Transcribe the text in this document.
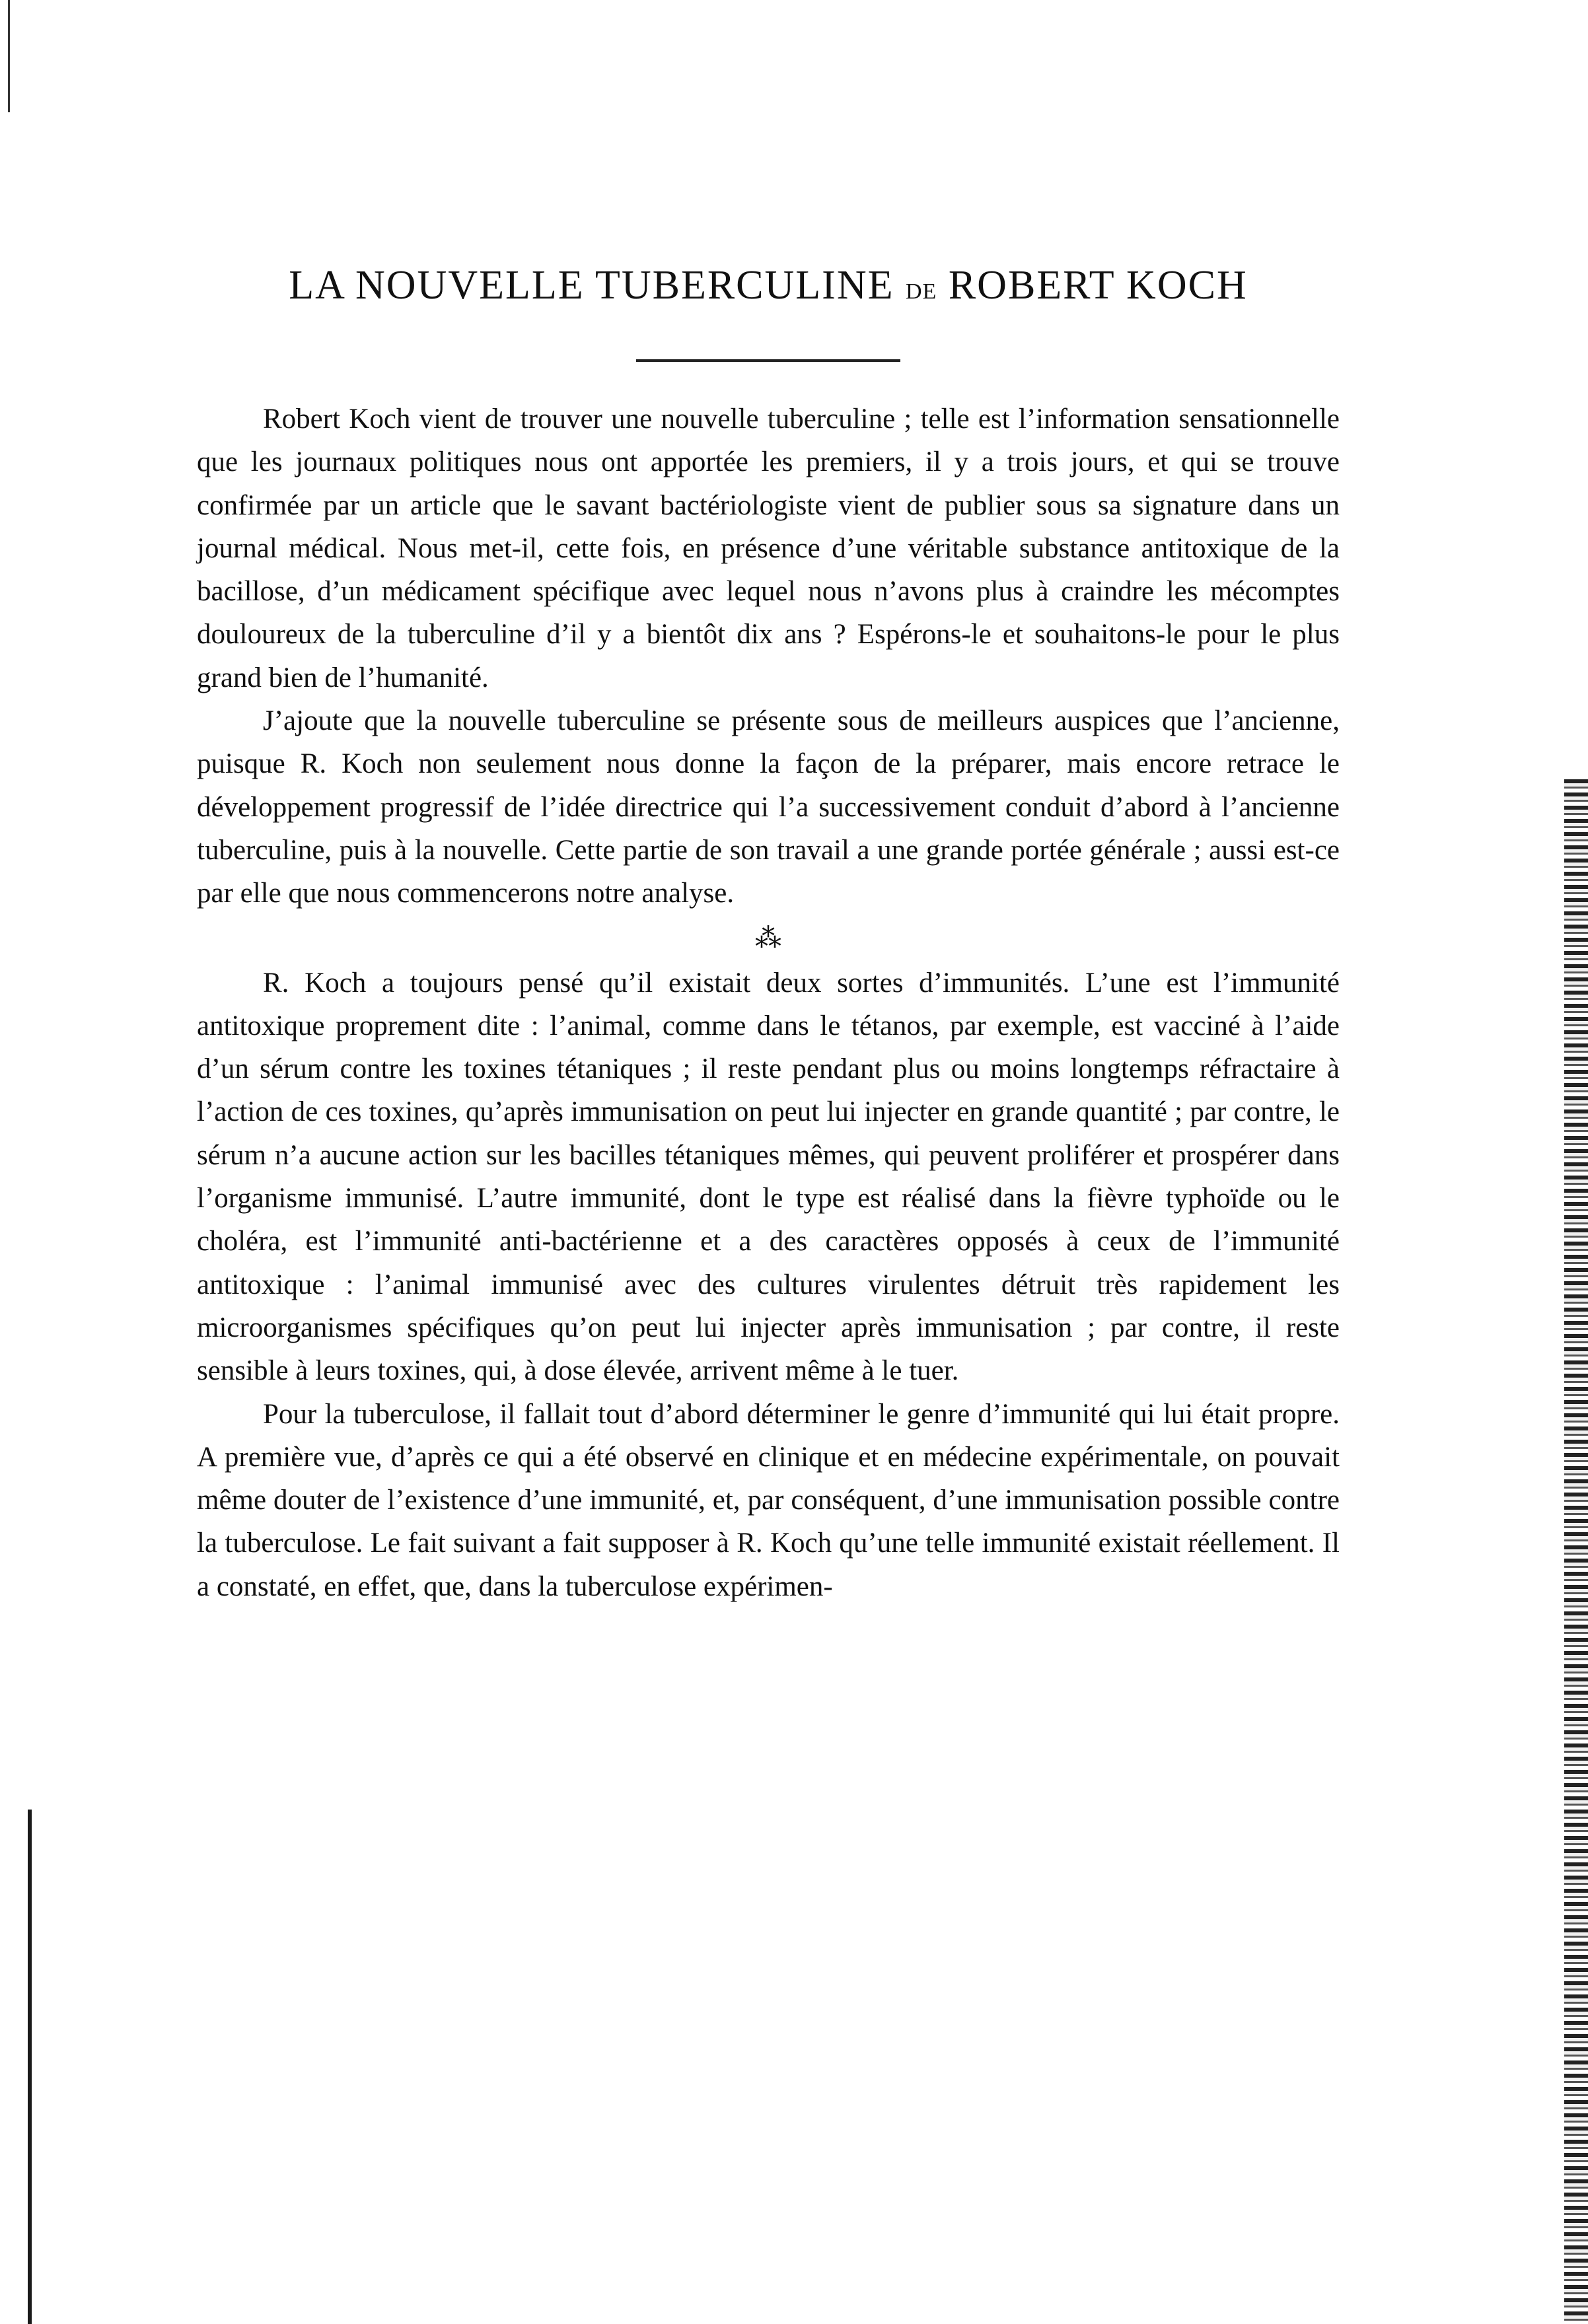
LA NOUVELLE TUBERCULINE DE ROBERT KOCH

Robert Koch vient de trouver une nouvelle tuberculine ; telle est l’information sensationnelle que les journaux politiques nous ont apportée les premiers, il y a trois jours, et qui se trouve confirmée par un article que le savant bactériologiste vient de publier sous sa signature dans un journal médical. Nous met-il, cette fois, en présence d’une véritable substance antitoxique de la bacillose, d’un médicament spécifique avec lequel nous n’avons plus à craindre les mécomptes douloureux de la tuberculine d’il y a bientôt dix ans ? Espérons-le et souhaitons-le pour le plus grand bien de l’humanité.

J’ajoute que la nouvelle tuberculine se présente sous de meilleurs auspices que l’ancienne, puisque R. Koch non seulement nous donne la façon de la préparer, mais encore retrace le développement progressif de l’idée directrice qui l’a successivement conduit d’abord à l’ancienne tuberculine, puis à la nouvelle. Cette partie de son travail a une grande portée générale ; aussi est-ce par elle que nous commencerons notre analyse.

⁂

R. Koch a toujours pensé qu’il existait deux sortes d’immunités. L’une est l’immunité antitoxique proprement dite : l’animal, comme dans le tétanos, par exemple, est vacciné à l’aide d’un sérum contre les toxines tétaniques ; il reste pendant plus ou moins longtemps réfractaire à l’action de ces toxines, qu’après immunisation on peut lui injecter en grande quantité ; par contre, le sérum n’a aucune action sur les bacilles tétaniques mêmes, qui peuvent proliférer et prospérer dans l’organisme immunisé. L’autre immunité, dont le type est réalisé dans la fièvre typhoïde ou le choléra, est l’immunité anti-bactérienne et a des caractères opposés à ceux de l’immunité antitoxique : l’animal immunisé avec des cultures virulentes détruit très rapidement les microorganismes spécifiques qu’on peut lui injecter après immunisation ; par contre, il reste sensible à leurs toxines, qui, à dose élevée, arrivent même à le tuer.

Pour la tuberculose, il fallait tout d’abord déterminer le genre d’immunité qui lui était propre. A première vue, d’après ce qui a été observé en clinique et en médecine expérimentale, on pouvait même douter de l’existence d’une immunité, et, par conséquent, d’une immunisation possible contre la tuberculose. Le fait suivant a fait supposer à R. Koch qu’une telle immunité existait réellement. Il a constaté, en effet, que, dans la tuberculose expérimen-
